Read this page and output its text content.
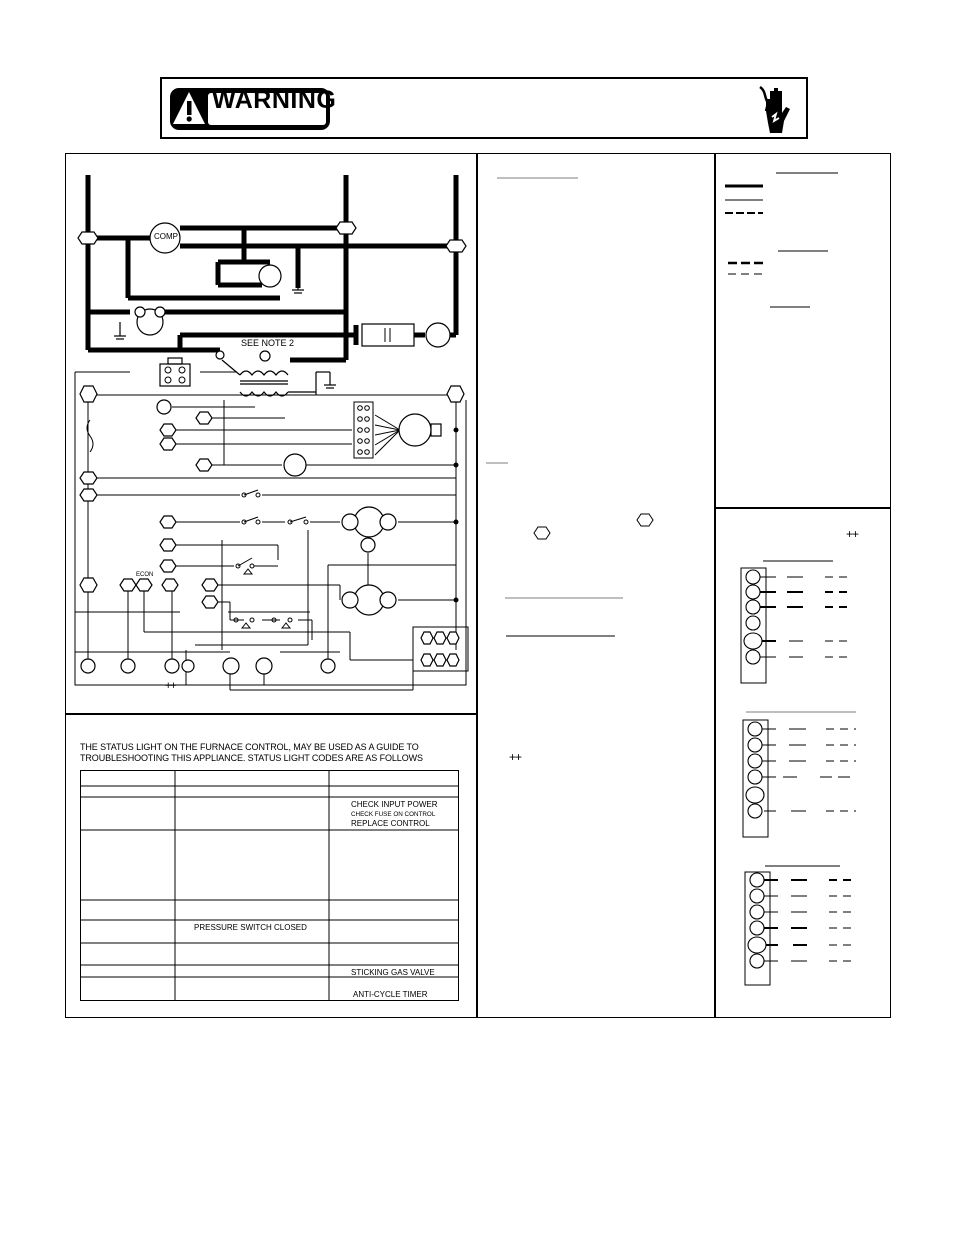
WARNING
COMP
SEE NOTE 2
ECON
++
THE STATUS LIGHT ON THE FURNACE CONTROL, MAY BE USED AS A GUIDE TO
TROUBLESHOOTING THIS APPLIANCE. STATUS LIGHT CODES ARE AS FOLLOWS
CHECK INPUT POWER
CHECK FUSE ON CONTROL
REPLACE CONTROL
PRESSURE SWITCH CLOSED
STICKING GAS VALVE
ANTI-CYCLE TIMER
++
++
